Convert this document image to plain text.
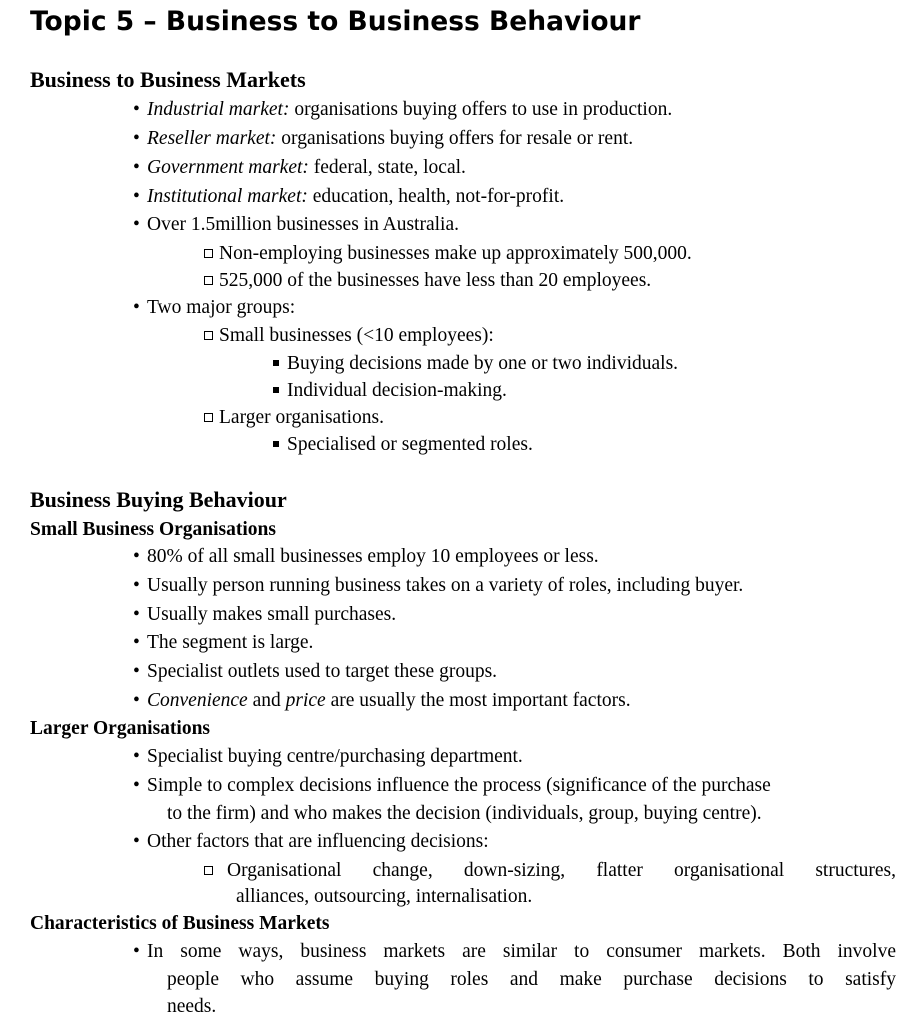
Topic 5 – Business to Business Behaviour
Business to Business Markets

• Industrial market: organisations buying offers to use in production.

• Reseller market: organisations buying offers for resale or rent.

• Government market: federal, state, local.

• Institutional market: education, health, not-for-profit.

• Over 1.5million businesses in Australia.

Non-employing businesses make up approximately 500,000.

525,000 of the businesses have less than 20 employees.

• Two major groups:

Small businesses (<10 employees):

Buying decisions made by one or two individuals.

Individual decision-making.

Larger organisations.

Specialised or segmented roles.

Business Buying Behaviour
Small Business Organisations

• 80% of all small businesses employ 10 employees or less.

• Usually person running business takes on a variety of roles, including buyer.

• Usually makes small purchases.

• The segment is large.

• Specialist outlets used to target these groups.

• Convenience and price are usually the most important factors.

Larger Organisations

• Specialist buying centre/purchasing department.

• Simple to complex decisions influence the process (significance of the purchase

to the firm) and who makes the decision (individuals, group, buying centre).

• Other factors that are influencing decisions:

Organisational change, down-sizing, flatter organisational structures,

alliances, outsourcing, internalisation.

Characteristics of Business Markets

• In some ways, business markets are similar to consumer markets. Both involve

people who assume buying roles and make purchase decisions to satisfy

needs.
